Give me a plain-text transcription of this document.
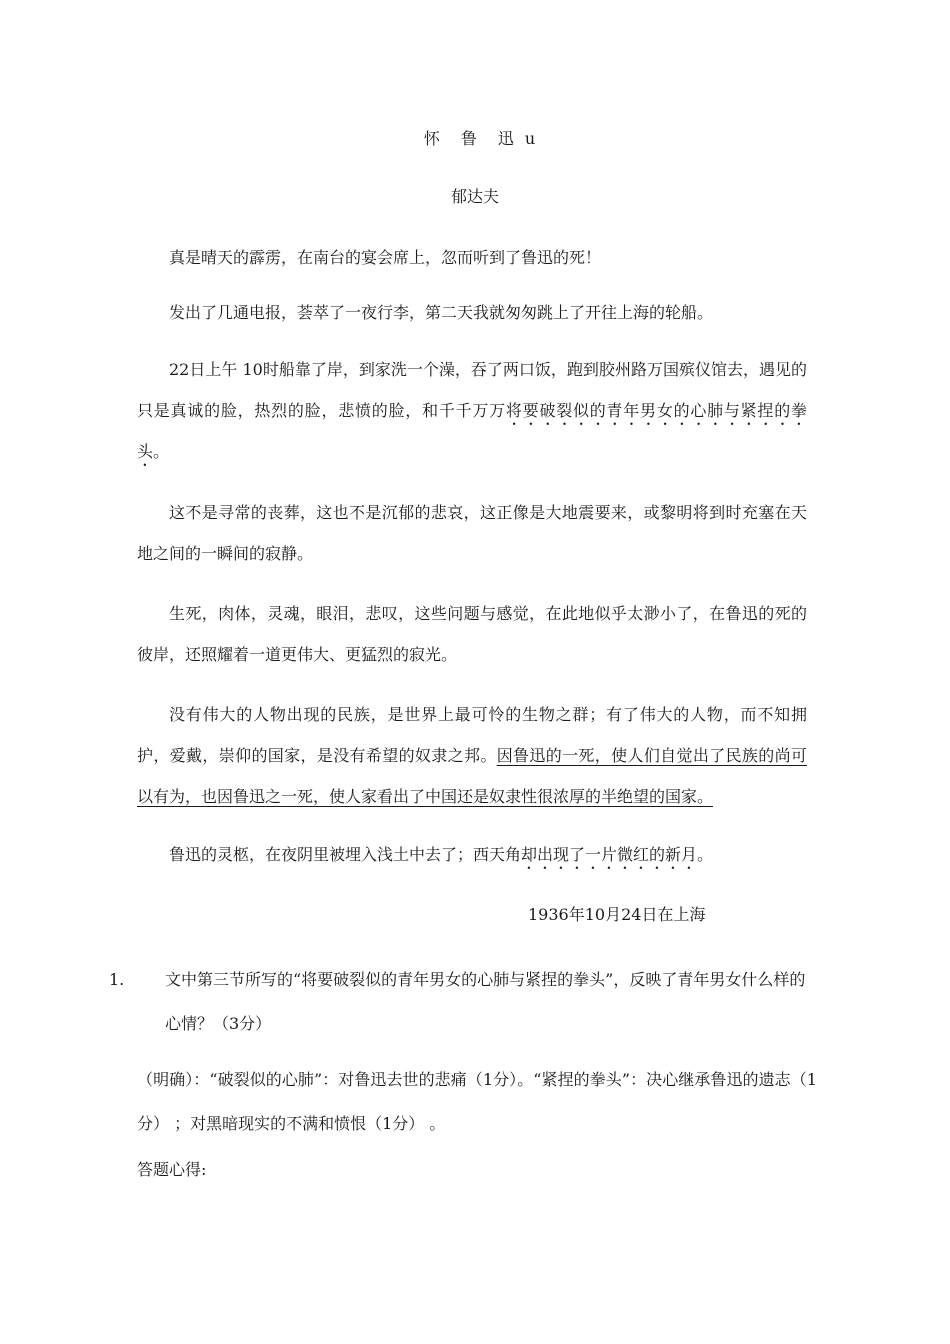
怀 鲁 迅 u
郁达夫
真是晴天的霹雳，在南台的宴会席上，忽而听到了鲁迅的死！
发出了几通电报，荟萃了一夜行李，第二天我就匆匆跳上了开往上海的轮船。
22日上午 10时船靠了岸，到家洗一个澡，吞了两口饭，跑到胶州路万国殡仪馆去，遇见的只是真诚的脸，热烈的脸，悲愤的脸，和千千万万将要破裂似的青年男女的心肺与紧捏的拳头。
这不是寻常的丧葬，这也不是沉郁的悲哀，这正像是大地震要来，或黎明将到时充塞在天地之间的一瞬间的寂静。
生死，肉体，灵魂，眼泪，悲叹，这些问题与感觉，在此地似乎太渺小了，在鲁迅的死的彼岸，还照耀着一道更伟大、更猛烈的寂光。
没有伟大的人物出现的民族，是世界上最可怜的生物之群；有了伟大的人物，而不知拥护，爱戴，崇仰的国家，是没有希望的奴隶之邦。因鲁迅的一死，使人们自觉出了民族的尚可以有为，也因鲁迅之一死，使人家看出了中国还是奴隶性很浓厚的半绝望的国家。
鲁迅的灵柩，在夜阴里被埋入浅土中去了；西天角却出现了一片微红的新月。
1936年10月24日在上海
1.	文中第三节所写的“将要破裂似的青年男女的心肺与紧捏的拳头”，反映了青年男女什么样的心情？（3分）
（明确）：“破裂似的心肺”：对鲁迅去世的悲痛（1分）。“紧捏的拳头”：决心继承鲁迅的遗志（1分） ；对黑暗现实的不满和愤恨（1分） 。
答题心得:
